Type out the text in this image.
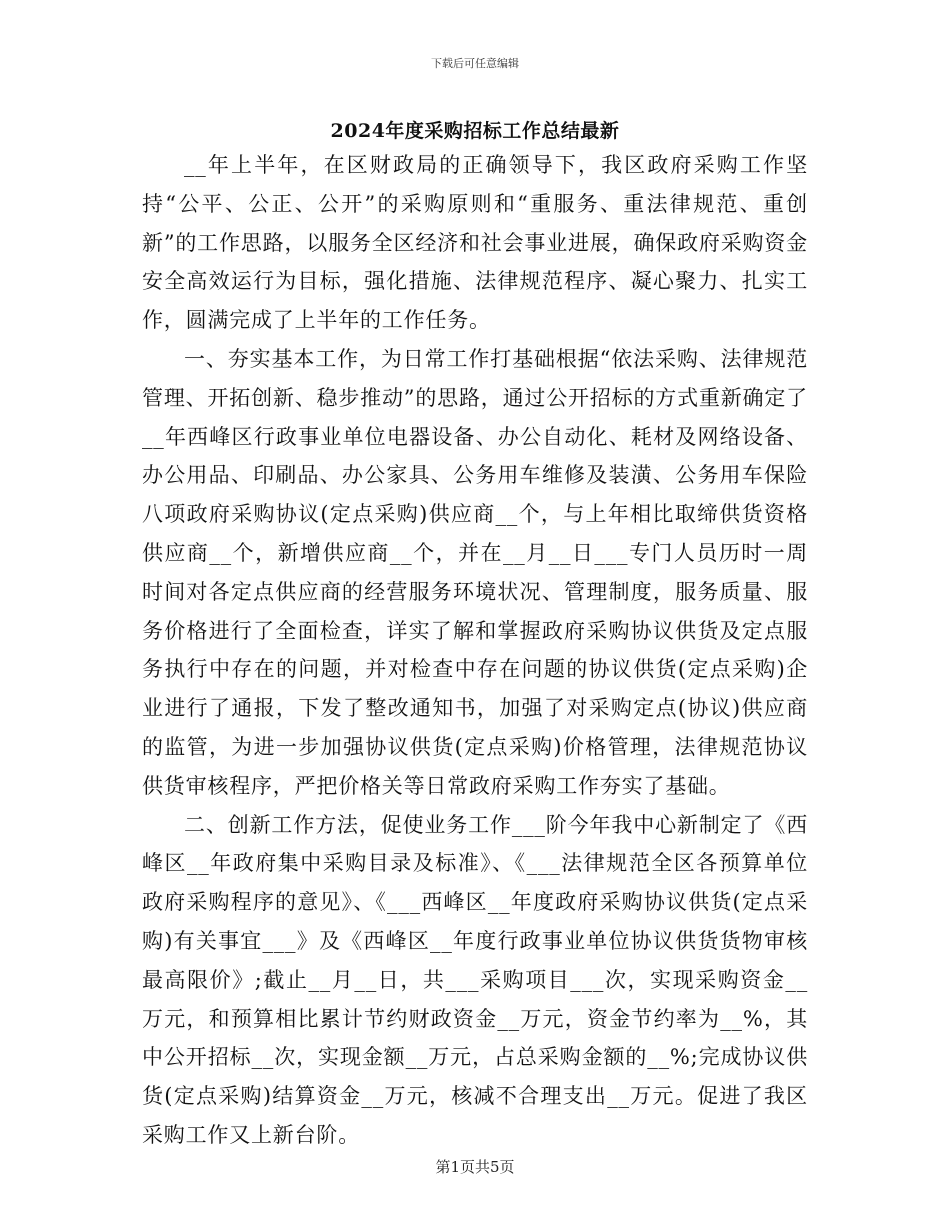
下载后可任意编辑
2024年度采购招标工作总结最新

__年上半年，在区财政局的正确领导下，我区政府采购工作坚持“公平、公正、公开”的采购原则和“重服务、重法律规范、重创新”的工作思路，以服务全区经济和社会事业进展，确保政府采购资金安全高效运行为目标，强化措施、法律规范程序、凝心聚力、扎实工作，圆满完成了上半年的工作任务。

一、夯实基本工作，为日常工作打基础根据“依法采购、法律规范管理、开拓创新、稳步推动”的思路，通过公开招标的方式重新确定了__年西峰区行政事业单位电器设备、办公自动化、耗材及网络设备、办公用品、印刷品、办公家具、公务用车维修及装潢、公务用车保险八项政府采购协议(定点采购)供应商__个，与上年相比取缔供货资格供应商__个，新增供应商__个，并在__月__日___专门人员历时一周时间对各定点供应商的经营服务环境状况、管理制度，服务质量、服务价格进行了全面检查，详实了解和掌握政府采购协议供货及定点服务执行中存在的问题，并对检查中存在问题的协议供货(定点采购)企业进行了通报，下发了整改通知书，加强了对采购定点(协议)供应商的监管，为进一步加强协议供货(定点采购)价格管理，法律规范协议供货审核程序，严把价格关等日常政府采购工作夯实了基础。

二、创新工作方法，促使业务工作___阶今年我中心新制定了《西峰区__年政府集中采购目录及标准》、《___法律规范全区各预算单位政府采购程序的意见》、《___西峰区__年度政府采购协议供货(定点采购)有关事宜___》及《西峰区__年度行政事业单位协议供货货物审核最高限价》;截止__月__日，共___采购项目___次，实现采购资金__万元，和预算相比累计节约财政资金__万元，资金节约率为__%，其中公开招标__次，实现金额__万元，占总采购金额的__%;完成协议供货(定点采购)结算资金__万元，核减不合理支出__万元。促进了我区采购工作又上新台阶。

第1页共5页
